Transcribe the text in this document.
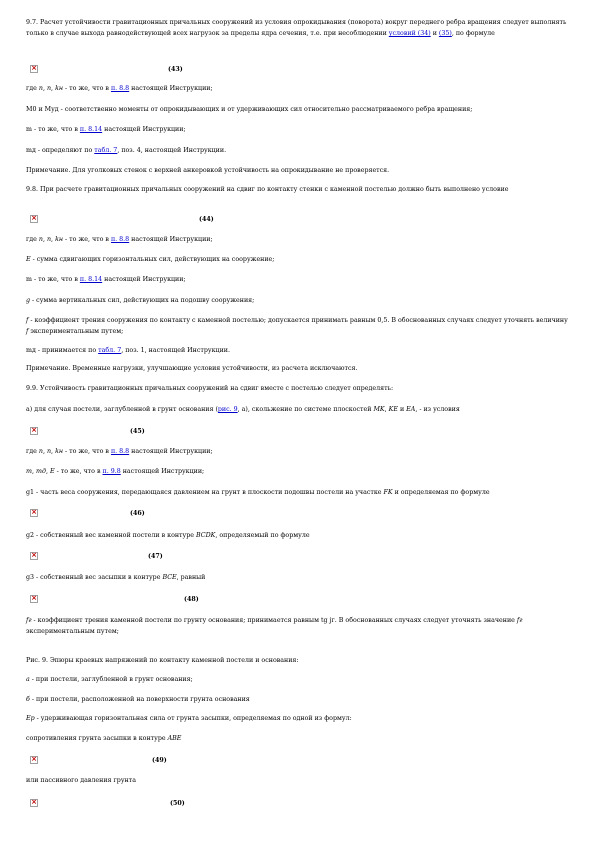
9.7. Расчет устойчивости гравитационных причальных сооружений из условия опрокидывания (поворота) вокруг переднего ребра вращения следует выполнять только в случае выхода равнодействующей всех нагрузок за пределы ядра сечения, т.е. при несоблюдении условий (34) и (35), по формуле

×
(43)

где n, n, kн - то же, что в п. 8.8 настоящей Инструкции;

М0 и Муд - соответственно моменты от опрокидывающих и от удерживающих сил относительно рассматриваемого ребра вращения;

m - то же, что в п. 8.14 настоящей Инструкции;

mд - определяют по табл. 7, поз. 4, настоящей Инструкции.

Примечание. Для уголковых стенок с верхней анкеровкой устойчивость на опрокидывание не проверяется.

9.8. При расчете гравитационных причальных сооружений на сдвиг по контакту стенки с каменной постелью должно быть выполнено условие

×
(44)

где n, n, kн - то же, что в п. 8.8 настоящей Инструкции;

E - сумма сдвигающих горизонтальных сил, действующих на сооружение;

m - то же, что в п. 8.14 настоящей Инструкции;

g - сумма вертикальных сил, действующих на подошву сооружения;

f - коэффициент трения сооружения по контакту с каменной постелью; допускается принимать равным 0,5. В обоснованных случаях следует уточнять величину f экспериментальным путем;

mд - принимается по табл. 7, поз. 1, настоящей Инструкции.

Примечание. Временные нагрузки, улучшающие условия устойчивости, из расчета исключаются.

9.9. Устойчивость гравитационных причальных сооружений на сдвиг вместе с постелью следует определять:

а) для случая постели, заглубленной в грунт основания (рис. 9, а), скольжение по системе плоскостей MK, KE и EA, - из условия

×
(45)

где n, n, kн - то же, что в п. 8.8 настоящей Инструкции;

m, mд, E - то же, что в п. 9.8 настоящей Инструкции;

g1 - часть веса сооружения, передающаяся давлением на грунт в плоскости подошвы постели на участке FK и определяемая по формуле

×
(46)

g2 - собственный вес каменной постели в контуре BCDK, определяемый по формуле

×
(47)

g3 - собственный вес засыпки в контуре BCE, равный

×
(48)

fг - коэффициент трения каменной постели по грунту основания; принимается равным tg jг. В обоснованных случаях следует уточнять значение fг экспериментальным путем;

Рис. 9. Эпюры краевых напряжений по контакту каменной постели и основания:

а - при постели, заглубленной в грунт основания;

б - при постели, расположенной на поверхности грунта основания

Ep - удерживающая горизонтальная сила от грунта засыпки, определяемая по одной из формул:

сопротивления грунта засыпки в контуре ABE

×
(49)

или пассивного давления грунта

×
(50)
